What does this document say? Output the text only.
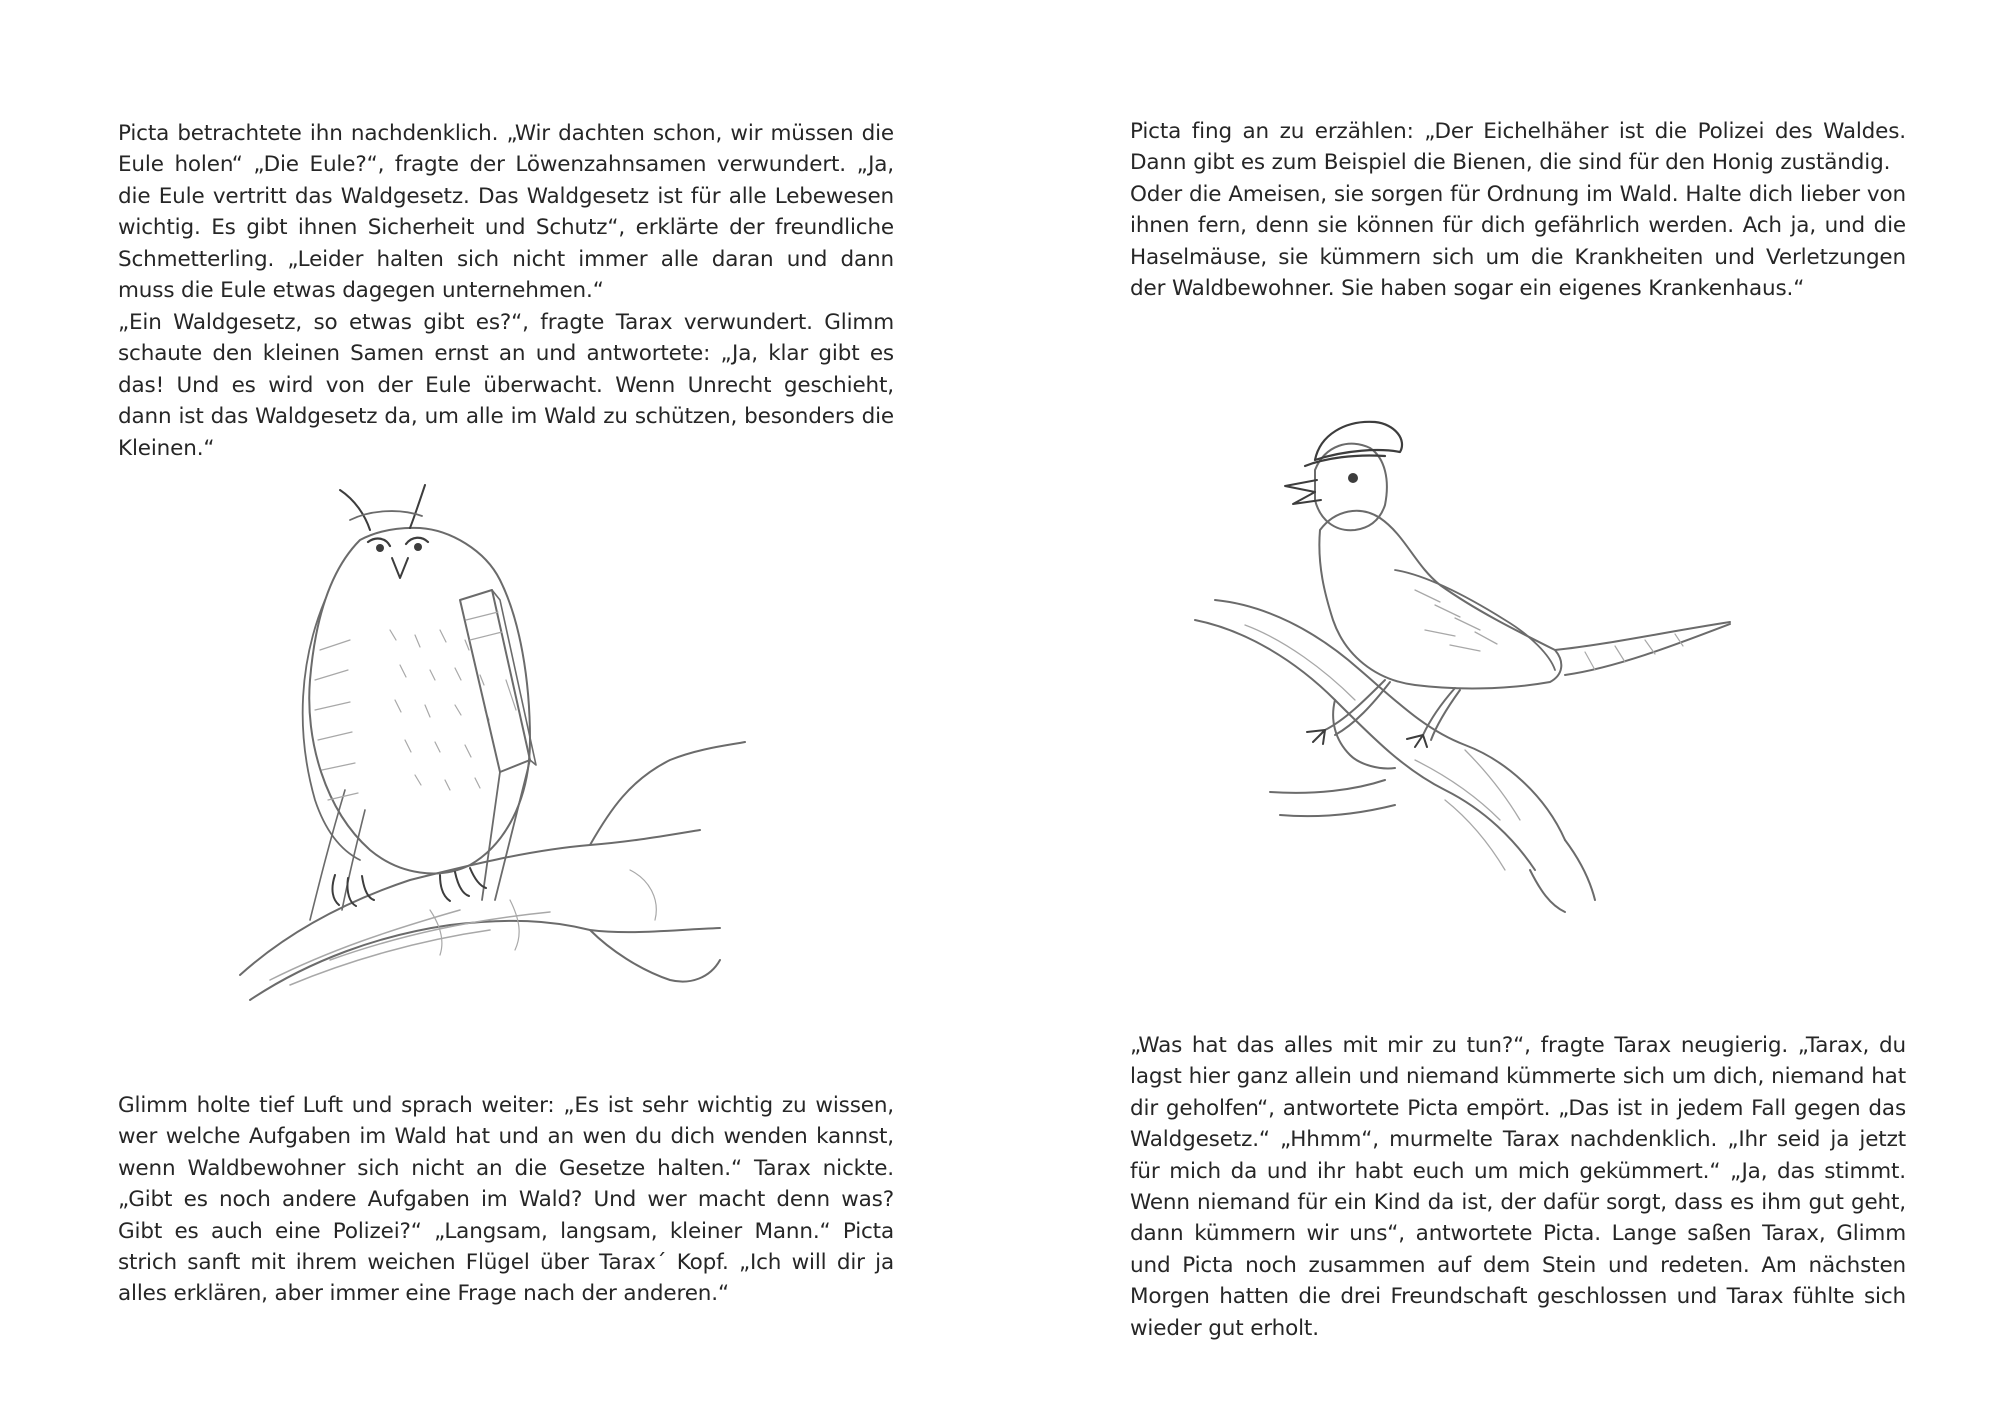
Picta betrachtete ihn nachdenklich. „Wir dachten schon, wir müssen die Eule holen“ „Die Eule?“, fragte der Löwenzahnsamen verwundert. „Ja, die Eule vertritt das Waldgesetz. Das Waldgesetz ist für alle Lebewesen wichtig. Es gibt ihnen Sicherheit und Schutz“, erklärte der freundliche Schmetterling. „Leider halten sich nicht immer alle daran und dann muss die Eule etwas dagegen unternehmen.“

„Ein Waldgesetz, so etwas gibt es?“, fragte Tarax verwundert. Glimm schaute den kleinen Samen ernst an und antwortete: „Ja, klar gibt es das! Und es wird von der Eule überwacht. Wenn Unrecht geschieht, dann ist das Waldgesetz da, um alle im Wald zu schützen, besonders die Kleinen.“

Glimm holte tief Luft und sprach weiter: „Es ist sehr wichtig zu wissen, wer welche Aufgaben im Wald hat und an wen du dich wenden kannst, wenn Waldbewohner sich nicht an die Gesetze halten.“ Tarax nickte. „Gibt es noch andere Aufgaben im Wald? Und wer macht denn was? Gibt es auch eine Polizei?“ „Langsam, langsam, kleiner Mann.“ Picta strich sanft mit ihrem weichen Flügel über Tarax´ Kopf. „Ich will dir ja alles erklären, aber immer eine Frage nach der anderen.“

Picta fing an zu erzählen: „Der Eichelhäher ist die Polizei des Waldes. Dann gibt es zum Beispiel die Bienen, die sind für den Honig zuständig.

Oder die Ameisen, sie sorgen für Ordnung im Wald. Halte dich lieber von ihnen fern, denn sie können für dich gefährlich werden. Ach ja, und die Haselmäuse, sie kümmern sich um die Krankheiten und Verletzungen der Waldbewohner. Sie haben sogar ein eigenes Krankenhaus.“

„Was hat das alles mit mir zu tun?“, fragte Tarax neugierig. „Tarax, du lagst hier ganz allein und niemand kümmerte sich um dich, niemand hat dir geholfen“, antwortete Picta empört. „Das ist in jedem Fall gegen das Waldgesetz.“ „Hhmm“, murmelte Tarax nachdenklich. „Ihr seid ja jetzt für mich da und ihr habt euch um mich gekümmert.“ „Ja, das stimmt. Wenn niemand für ein Kind da ist, der dafür sorgt, dass es ihm gut geht, dann kümmern wir uns“, antwortete Picta. Lange saßen Tarax, Glimm und Picta noch zusammen auf dem Stein und redeten. Am nächsten Morgen hatten die drei Freundschaft geschlossen und Tarax fühlte sich wieder gut erholt.
